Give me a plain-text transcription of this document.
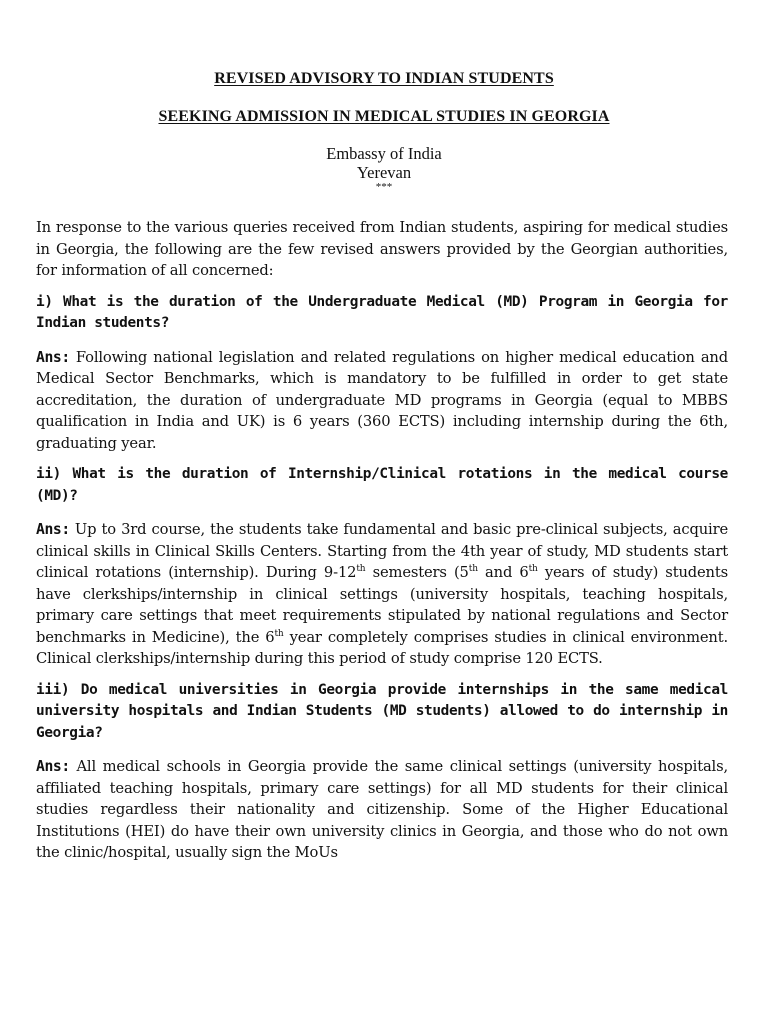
REVISED ADVISORY TO INDIAN STUDENTS
SEEKING ADMISSION IN MEDICAL STUDIES IN GEORGIA
Embassy of India
Yerevan
***

In response to the various queries received from Indian students, aspiring for medical studies in Georgia, the following are the few revised answers provided by the Georgian authorities, for information of all concerned:

i) What is the duration of the Undergraduate Medical (MD) Program in Georgia for Indian students?

Ans: Following national legislation and related regulations on higher medical education and Medical Sector Benchmarks, which is mandatory to be fulfilled in order to get state accreditation, the duration of undergraduate MD programs in Georgia (equal to MBBS qualification in India and UK) is 6 years (360 ECTS) including internship during the 6th, graduating year.

ii) What is the duration of Internship/Clinical rotations in the medical course (MD)?

Ans: Up to 3rd course, the students take fundamental and basic pre-clinical subjects, acquire clinical skills in Clinical Skills Centers. Starting from the 4th year of study, MD students start clinical rotations (internship). During 9-12th semesters (5th and 6th years of study) students have clerkships/internship in clinical settings (university hospitals, teaching hospitals, primary care settings that meet requirements stipulated by national regulations and Sector benchmarks in Medicine), the 6th year completely comprises studies in clinical environment. Clinical clerkships/internship during this period of study comprise 120 ECTS.

iii) Do medical universities in Georgia provide internships in the same medical university hospitals and Indian Students (MD students) allowed to do internship in Georgia?

Ans: All medical schools in Georgia provide the same clinical settings (university hospitals, affiliated teaching hospitals, primary care settings) for all MD students for their clinical studies regardless their nationality and citizenship. Some of the Higher Educational Institutions (HEI) do have their own university clinics in Georgia, and those who do not own the clinic/hospital, usually sign the MoUs
